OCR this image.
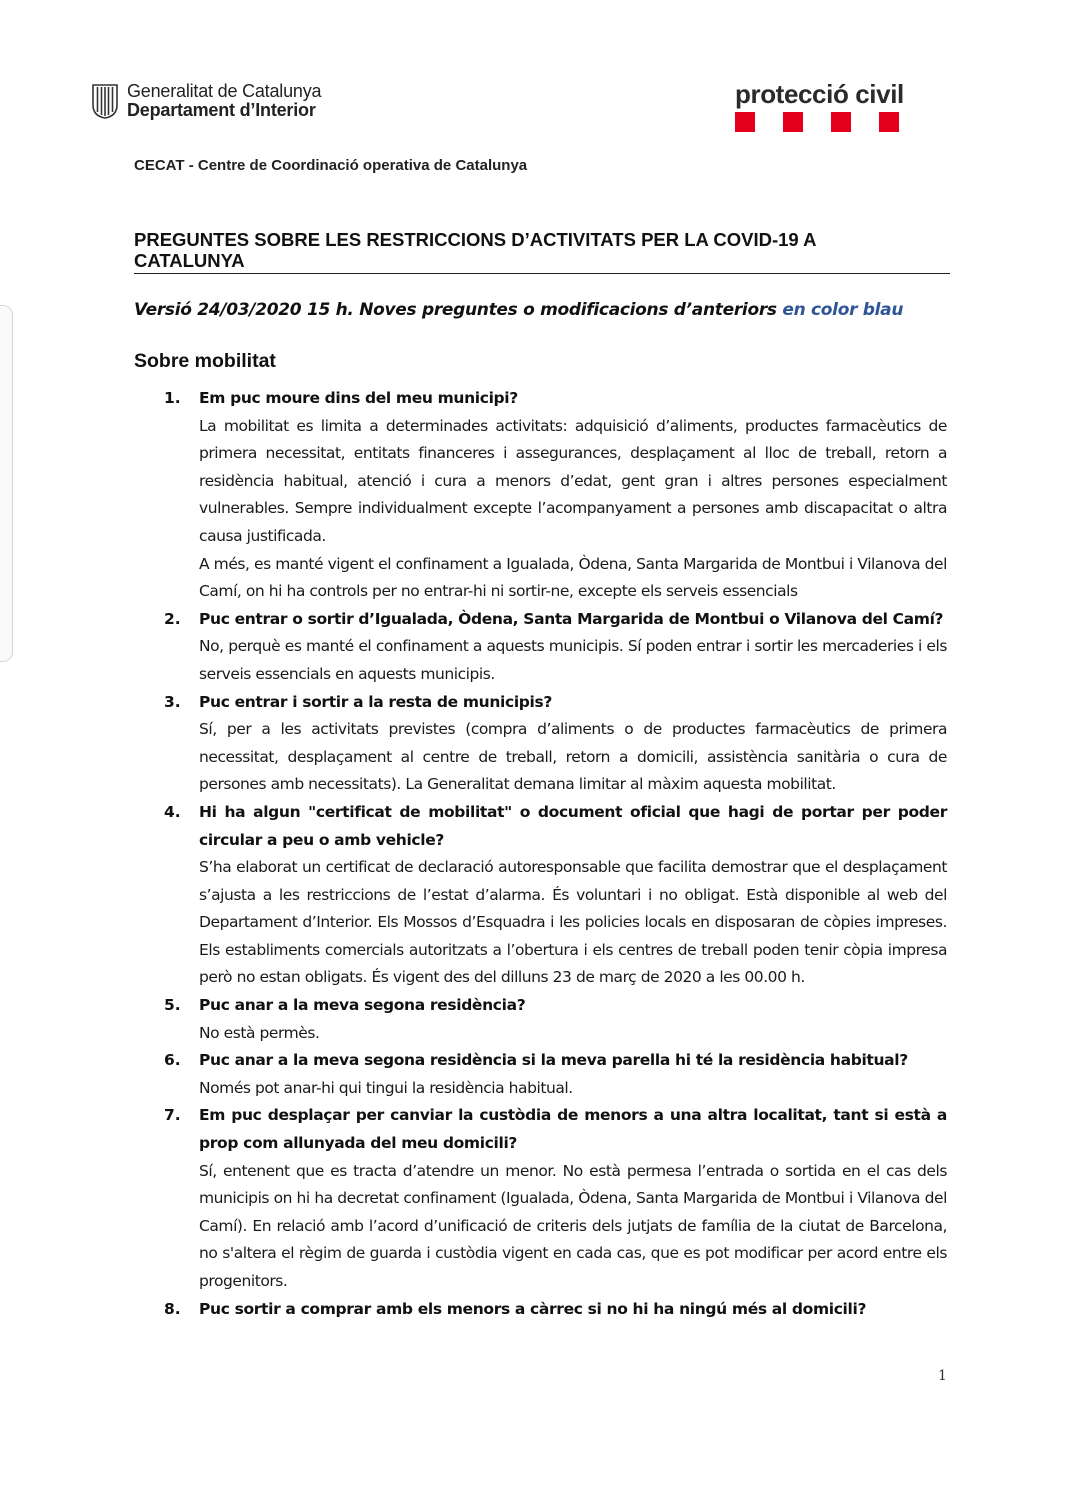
Generalitat de Catalunya
Departament d’Interior
protecció civil
CECAT - Centre de Coordinació operativa de Catalunya
PREGUNTES SOBRE LES RESTRICCIONS D’ACTIVITATS PER LA COVID-19 A
CATALUNYA
Versió 24/03/2020 15 h. Noves preguntes o modificacions d’anteriors en color blau
Sobre mobilitat
1. Em puc moure dins del meu municipi?
La mobilitat es limita a determinades activitats: adquisició d’aliments, productes farmacèutics de primera necessitat, entitats financeres i assegurances, desplaçament al lloc de treball, retorn a residència habitual, atenció i cura a menors d’edat, gent gran i altres persones especialment vulnerables. Sempre individualment excepte l’acompanyament a persones amb discapacitat o altra causa justificada.
A més, es manté vigent el confinament a Igualada, Òdena, Santa Margarida de Montbui i Vilanova del Camí, on hi ha controls per no entrar-hi ni sortir-ne, excepte els serveis essencials
2. Puc entrar o sortir d’Igualada, Òdena, Santa Margarida de Montbui o Vilanova del Camí?
No, perquè es manté el confinament a aquests municipis. Sí poden entrar i sortir les mercaderies i els serveis essencials en aquests municipis.
3. Puc entrar i sortir a la resta de municipis?
Sí, per a les activitats previstes (compra d’aliments o de productes farmacèutics de primera necessitat, desplaçament al centre de treball, retorn a domicili, assistència sanitària o cura de persones amb necessitats). La Generalitat demana limitar al màxim aquesta mobilitat.
4. Hi ha algun "certificat de mobilitat" o document oficial que hagi de portar per poder circular a peu o amb vehicle?
S’ha elaborat un certificat de declaració autoresponsable que facilita demostrar que el desplaçament s’ajusta a les restriccions de l’estat d’alarma. És voluntari i no obligat. Està disponible al web del Departament d’Interior. Els Mossos d’Esquadra i les policies locals en disposaran de còpies impreses. Els establiments comercials autoritzats a l’obertura i els centres de treball poden tenir còpia impresa però no estan obligats. És vigent des del dilluns 23 de març de 2020 a les 00.00 h.
5. Puc anar a la meva segona residència?
No està permès.
6. Puc anar a la meva segona residència si la meva parella hi té la residència habitual?
Només pot anar-hi qui tingui la residència habitual.
7. Em puc desplaçar per canviar la custòdia de menors a una altra localitat, tant si està a prop com allunyada del meu domicili?
Sí, entenent que es tracta d’atendre un menor. No està permesa l’entrada o sortida en el cas dels municipis on hi ha decretat confinament (Igualada, Òdena, Santa Margarida de Montbui i Vilanova del Camí). En relació amb l’acord d’unificació de criteris dels jutjats de família de la ciutat de Barcelona, no s'altera el règim de guarda i custòdia vigent en cada cas, que es pot modificar per acord entre els progenitors.
8. Puc sortir a comprar amb els menors a càrrec si no hi ha ningú més al domicili?
1
